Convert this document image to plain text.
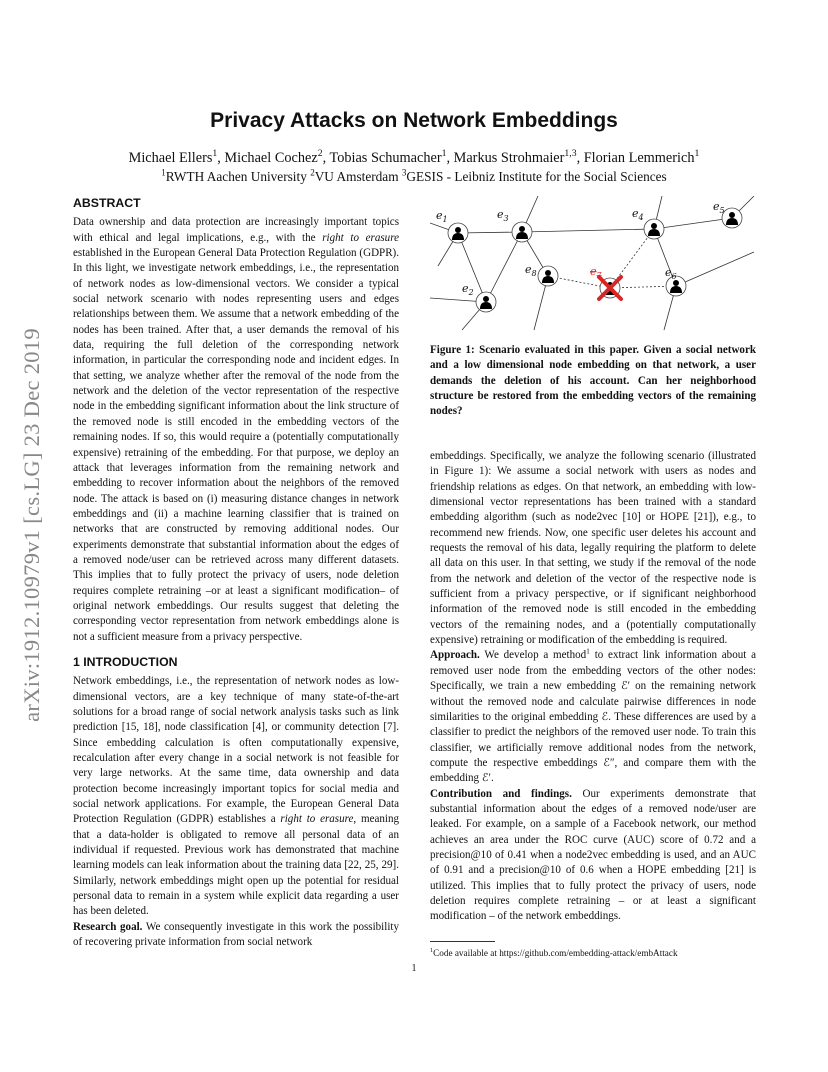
arXiv:1912.10979v1 [cs.LG] 23 Dec 2019
Privacy Attacks on Network Embeddings
Michael Ellers$^1$, Michael Cochez$^2$, Tobias Schumacher$^1$, Markus Strohmaier$^{1,3}$, Florian Lemmerich$^1$
$^1$RWTH Aachen University $^2$VU Amsterdam $^3$GESIS - Leibniz Institute for the Social Sciences
ABSTRACT

Data ownership and data protection are increasingly important topics with ethical and legal implications, e.g., with the right to erasure established in the European General Data Protection Regulation (GDPR). In this light, we investigate network embeddings, i.e., the representation of network nodes as low-dimensional vectors. We consider a typical social network scenario with nodes representing users and edges relationships between them. We assume that a network embedding of the nodes has been trained. After that, a user demands the removal of his data, requiring the full deletion of the corresponding network information, in particular the corresponding node and incident edges. In that setting, we analyze whether after the removal of the node from the network and the deletion of the vector representation of the respective node in the embedding significant information about the link structure of the removed node is still encoded in the embedding vectors of the remaining nodes. If so, this would require a (potentially computationally expensive) retraining of the embedding. For that purpose, we deploy an attack that leverages information from the remaining network and embedding to recover information about the neighbors of the removed node. The attack is based on (i) measuring distance changes in network embeddings and (ii) a machine learning classifier that is trained on networks that are constructed by removing additional nodes. Our experiments demonstrate that substantial information about the edges of a removed node/user can be retrieved across many different datasets. This implies that to fully protect the privacy of users, node deletion requires complete retraining –or at least a significant modification– of original network embeddings. Our results suggest that deleting the corresponding vector representation from network embeddings alone is not a sufficient measure from a privacy perspective.

1 INTRODUCTION

Network embeddings, i.e., the representation of network nodes as low-dimensional vectors, are a key technique of many state-of-the-art solutions for a broad range of social network analysis tasks such as link prediction [15, 18], node classification [4], or community detection [7]. Since embedding calculation is often computationally expensive, recalculation after every change in a social network is not feasible for very large networks. At the same time, data ownership and data protection become increasingly important topics for social media and social network applications. For example, the European General Data Protection Regulation (GDPR) establishes a right to erasure, meaning that a data-holder is obligated to remove all personal data of an individual if requested. Previous work has demonstrated that machine learning models can leak information about the training data [22, 25, 29]. Similarly, network embeddings might open up the potential for residual personal data to remain in a system while explicit data regarding a user has been deleted.

Research goal. We consequently investigate in this work the possibility of recovering private information from social network

$e_1$	$e_3$	$e_4$
$e_5$
$e_8$	$e_7$	$e_6$
$e_2$
Figure 1: Scenario evaluated in this paper. Given a social network and a low dimensional node embedding on that network, a user demands the deletion of his account. Can her neighborhood structure be restored from the embedding vectors of the remaining nodes?

embeddings. Specifically, we analyze the following scenario (illustrated in Figure 1): We assume a social network with users as nodes and friendship relations as edges. On that network, an embedding with low-dimensional vector representations has been trained with a standard embedding algorithm (such as node2vec [10] or HOPE [21]), e.g., to recommend new friends. Now, one specific user deletes his account and requests the removal of his data, legally requiring the platform to delete all data on this user. In that setting, we study if the removal of the node from the network and deletion of the vector of the respective node is sufficient from a privacy perspective, or if significant neighborhood information of the removed node is still encoded in the embedding vectors of the remaining nodes, and a (potentially computationally expensive) retraining or modification of the embedding is required.

Approach. We develop a method$^1$ to extract link information about a removed user node from the embedding vectors of the other nodes: Specifically, we train a new embedding ℰ′ on the remaining network without the removed node and calculate pairwise differences in node similarities to the original embedding ℰ. These differences are used by a classifier to predict the neighbors of the removed user node. To train this classifier, we artificially remove additional nodes from the network, compute the respective embeddings ℰ″, and compare them with the embedding ℰ′.

Contribution and findings. Our experiments demonstrate that substantial information about the edges of a removed node/user are leaked. For example, on a sample of a Facebook network, our method achieves an area under the ROC curve (AUC) score of 0.72 and a precision@10 of 0.41 when a node2vec embedding is used, and an AUC of 0.91 and a precision@10 of 0.6 when a HOPE embedding [21] is utilized. This implies that to fully protect the privacy of users, node deletion requires complete retraining – or at least a significant modification – of the network embeddings.

$^1$Code available at https://github.com/embedding-attack/embAttack
1
